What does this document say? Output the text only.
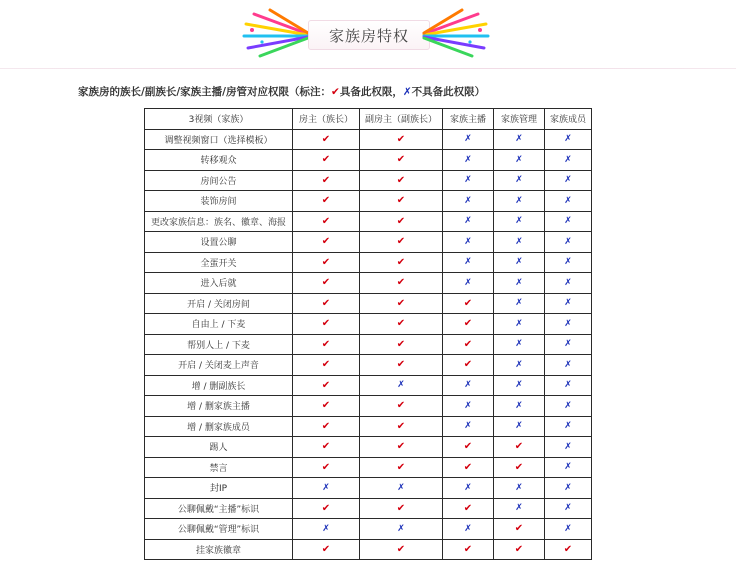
家族房特权
家族房的族长/副族长/家族主播/房管对应权限（标注：✔具备此权限，✗不具备此权限）
3视频（家族）	房主（族长）	副房主（副族长）	家族主播	家族管理	家族成员
调整视频窗口（选择模板）	✔	✔	✗	✗	✗
转移观众	✔	✔	✗	✗	✗
房间公告	✔	✔	✗	✗	✗
装饰房间	✔	✔	✗	✗	✗
更改家族信息：族名、徽章、海报	✔	✔	✗	✗	✗
设置公聊	✔	✔	✗	✗	✗
全蛋开关	✔	✔	✗	✗	✗
进入后就	✔	✔	✗	✗	✗
开启 / 关闭房间	✔	✔	✔	✗	✗
自由上 / 下麦	✔	✔	✔	✗	✗
帮别人上 / 下麦	✔	✔	✔	✗	✗
开启 / 关闭麦上声音	✔	✔	✔	✗	✗
增 / 删副族长	✔	✗	✗	✗	✗
增 / 删家族主播	✔	✔	✗	✗	✗
增 / 删家族成员	✔	✔	✗	✗	✗
踢人	✔	✔	✔	✔	✗
禁言	✔	✔	✔	✔	✗
封IP	✗	✗	✗	✗	✗
公聊佩戴“主播”标识	✔	✔	✔	✗	✗
公聊佩戴“管理”标识	✗	✗	✗	✔	✗
挂家族徽章	✔	✔	✔	✔	✔
